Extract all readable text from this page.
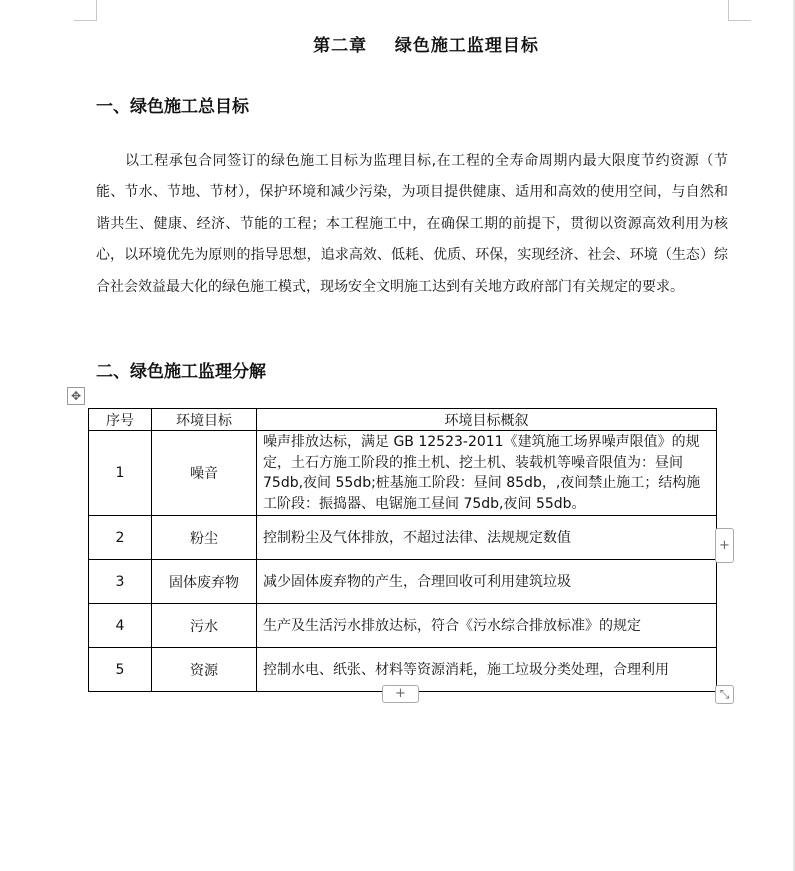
第二章    绿色施工监理目标
一、绿色施工总目标
以工程承包合同签订的绿色施工目标为监理目标,在工程的全寿命周期内最大限度节约资源（节能、节水、节地、节材），保护环境和减少污染，为项目提供健康、适用和高效的使用空间，与自然和谐共生、健康、经济、节能的工程；本工程施工中，在确保工期的前提下，贯彻以资源高效利用为核心，以环境优先为原则的指导思想，追求高效、低耗、优质、环保，实现经济、社会、环境（生态）综合社会效益最大化的绿色施工模式，现场安全文明施工达到有关地方政府部门有关规定的要求。
二、绿色施工监理分解
✥
序号	环境目标	环境目标概叙
1	噪音	噪声排放达标，满足 GB 12523-2011《建筑施工场界噪声限值》的规定，土石方施工阶段的推土机、挖土机、装载机等噪音限值为：昼间 75db,夜间 55db;桩基施工阶段：昼间 85db，,夜间禁止施工；结构施工阶段：振捣器、电锯施工昼间 75db,夜间 55db。
2	粉尘	控制粉尘及气体排放，不超过法律、法规规定数值
3	固体废弃物	减少固体废弃物的产生，合理回收可利用建筑垃圾
4	污水	生产及生活污水排放达标，符合《污水综合排放标准》的规定
5	资源	控制水电、纸张、材料等资源消耗，施工垃圾分类处理，合理利用
+
+	⤡
